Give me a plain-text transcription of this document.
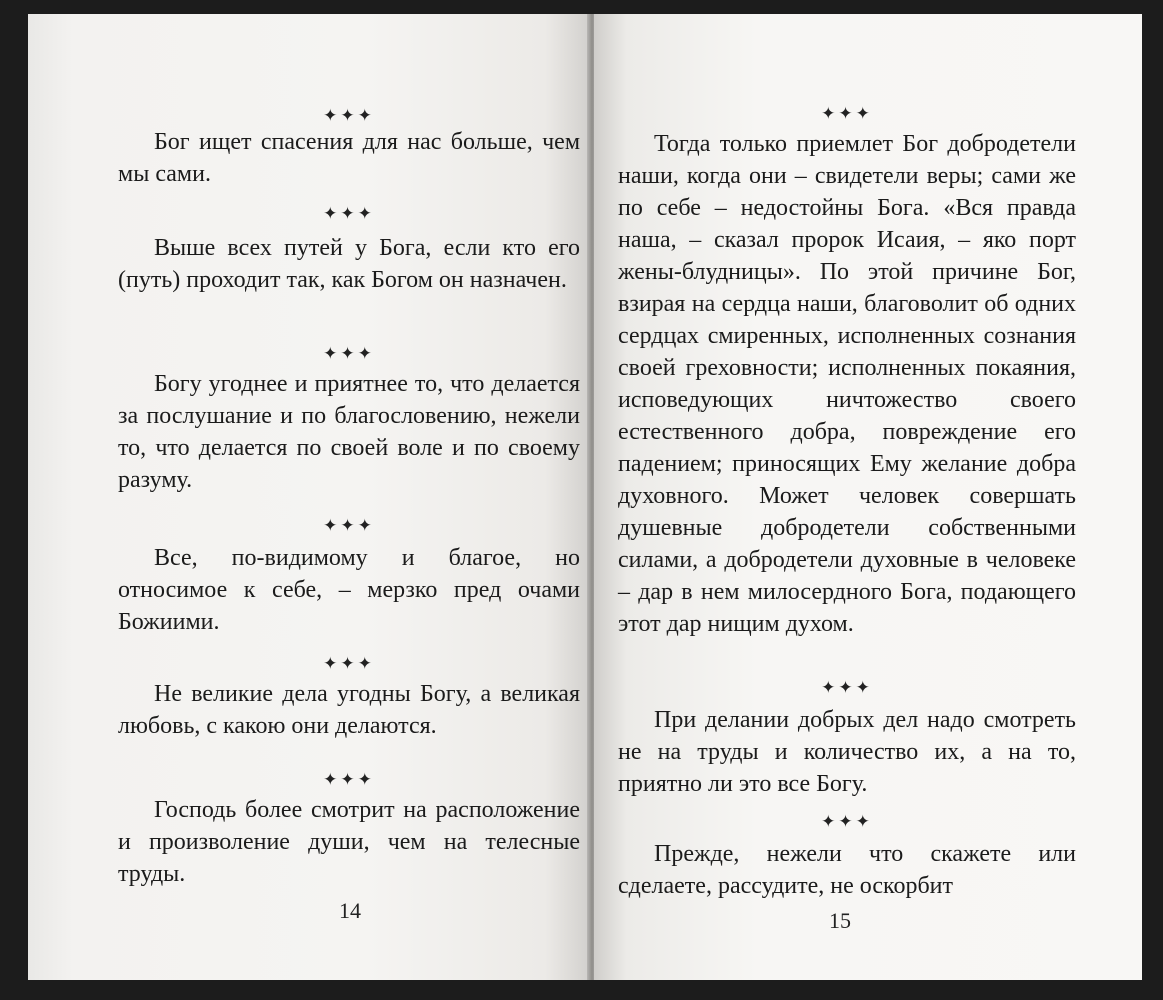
✦✦✦

Бог ищет спасения для нас больше, чем мы сами.

✦✦✦

Выше всех путей у Бога, если кто его (путь) проходит так, как Богом он назначен.

✦✦✦

Богу угоднее и приятнее то, что делается за послушание и по благословению, нежели то, что делается по своей воле и по своему разуму.

✦✦✦

Все, по-видимому и благое, но относимое к себе, – мерзко пред очами Божиими.

✦✦✦

Не великие дела угодны Богу, а великая любовь, с какою они делаются.

✦✦✦

Господь более смотрит на расположение и произволение души, чем на телесные труды.

14
✦✦✦

Тогда только приемлет Бог добродетели наши, когда они – свидетели веры; сами же по себе – недостойны Бога. «Вся правда наша, – сказал пророк Исаия, – яко порт жены-блудницы». По этой причине Бог, взирая на сердца наши, благоволит об одних сердцах смиренных, исполненных сознания своей греховности; исполненных покаяния, исповедующих ничтожество своего естественного добра, повреждение его падением; приносящих Ему желание добра духовного. Может человек совершать душевные добродетели собственными силами, а добродетели духовные в человеке – дар в нем милосердного Бога, подающего этот дар нищим духом.

✦✦✦

При делании добрых дел надо смотреть не на труды и количество их, а на то, приятно ли это все Богу.

✦✦✦

Прежде, нежели что скажете или сделаете, рассудите, не оскорбит

15
